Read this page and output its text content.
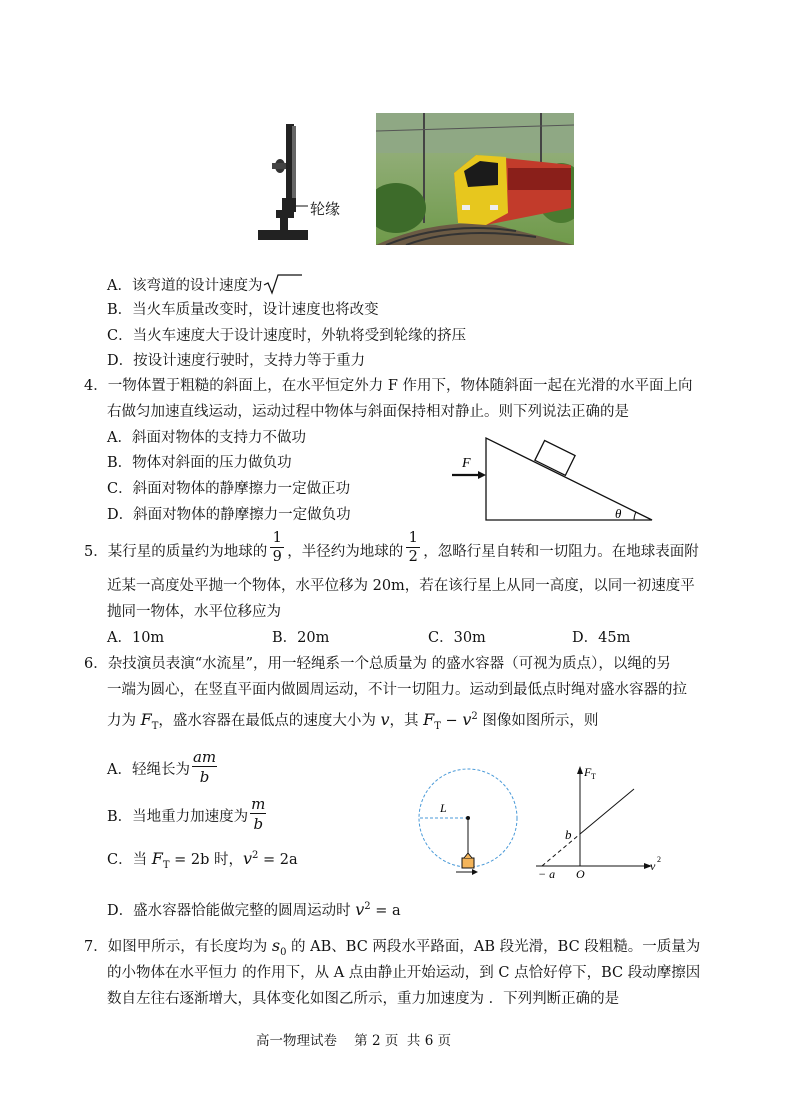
轮缘
A．该弯道的设计速度为
B．当火车质量改变时，设计速度也将改变
C．当火车速度大于设计速度时，外轨将受到轮缘的挤压
D．按设计速度行驶时，支持力等于重力
4．一物体置于粗糙的斜面上，在水平恒定外力 F 作用下，物体随斜面一起在光滑的水平面上向
右做匀加速直线运动，运动过程中物体与斜面保持相对静止。则下列说法正确的是
A．斜面对物体的支持力不做功
B．物体对斜面的压力做负功
C．斜面对物体的静摩擦力一定做正功
D．斜面对物体的静摩擦力一定做负功
F
θ
5．某行星的质量约为地球的 $\frac{1}{9}$ ，半径约为地球的 $\frac{1}{2}$ ，忽略行星自转和一切阻力。在地球表面附
近某一高度处平抛一个物体，水平位移为 20m，若在该行星上从同一高度，以同一初速度平
抛同一物体，水平位移应为
A．10m	B．20m	C．30m	D．45m
6．杂技演员表演“水流星”，用一轻绳系一个总质量为 的盛水容器（可视为质点），以绳的另
一端为圆心，在竖直平面内做圆周运动，不计一切阻力。运动到最低点时绳对盛水容器的拉
力为 $F_T$，盛水容器在最低点的速度大小为 v，其 $F_T - v^2$ 图像如图所示，则
A．轻绳长为 $\frac{am}{b}$
B．当地重力加速度为 $\frac{m}{b}$
C．当 $F_T = 2b$ 时，$v^2 = 2a$
D．盛水容器恰能做完整的圆周运动时 $v^2 = a$
L
F T
v 2
b
− a O
7．如图甲所示，有长度均为 $s_0$ 的 AB、BC 两段水平路面，AB 段光滑，BC 段粗糙。一质量为
的小物体在水平恒力 的作用下，从 A 点由静止开始运动，到 C 点恰好停下，BC 段动摩擦因
数自左往右逐渐增大，具体变化如图乙所示，重力加速度为 ．下列判断正确的是
高一物理试卷    第 2 页  共 6 页
